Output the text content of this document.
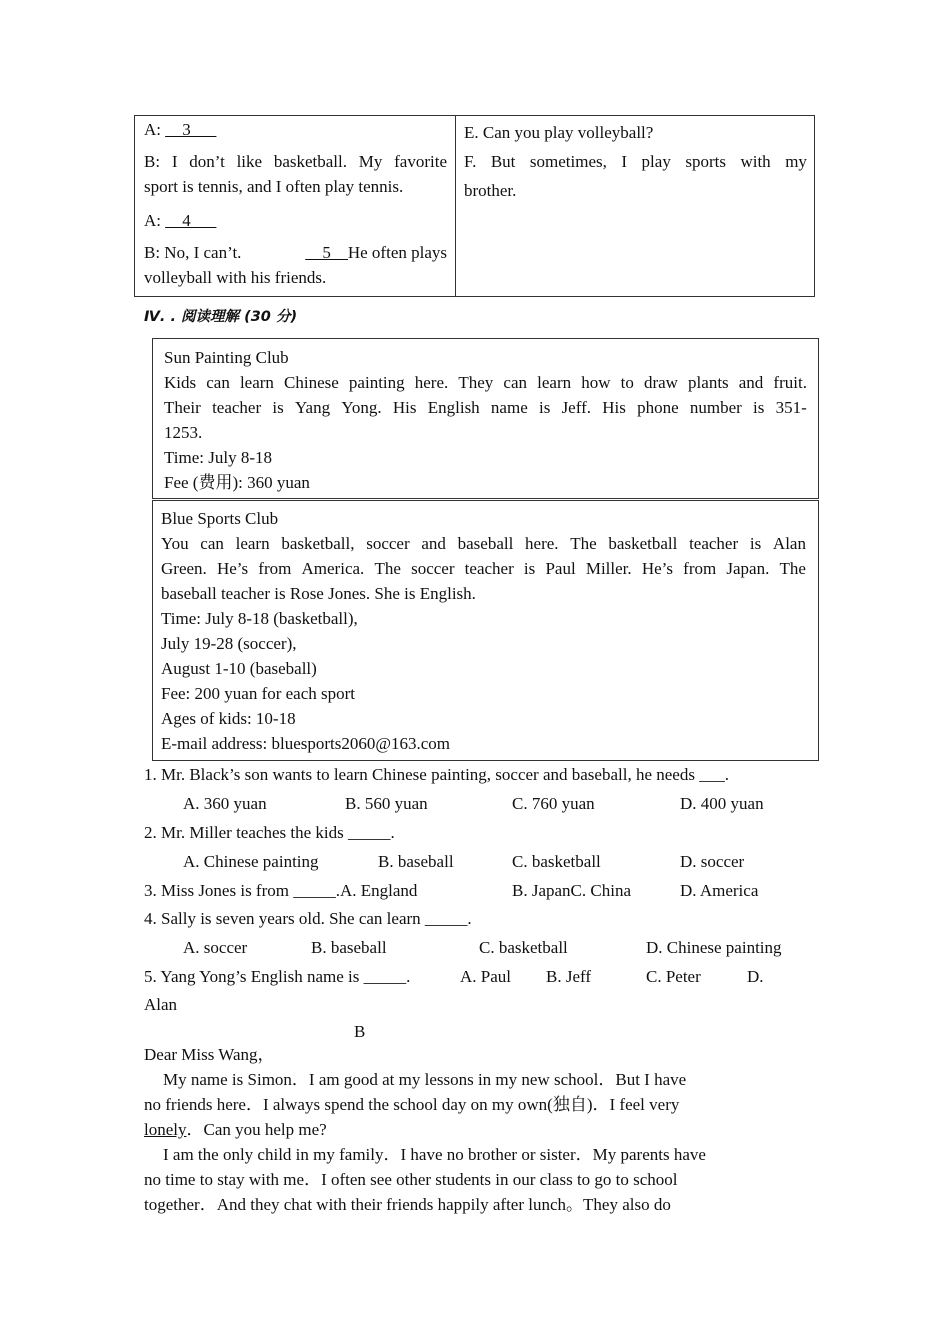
A: __3___
B: I don’t like basketball. My favorite
sport is tennis, and I often play tennis.
A: __4___
B: No, I can’t.	__5__He often plays
volleyball with his friends.
E. Can you play volleyball?
F. But sometimes, I play sports with my
brother.
Ⅳ. . 阅读理解 (30 分)
Sun Painting Club
Kids can learn Chinese painting here. They can learn how to draw plants and fruit.
Their teacher is Yang Yong. His English name is Jeff. His phone number is 351-
1253.
Time: July 8-18
Fee (费用): 360 yuan
Blue Sports Club
You can learn basketball, soccer and baseball here. The basketball teacher is Alan
Green. He’s from America. The soccer teacher is Paul Miller. He’s from Japan. The
baseball teacher is Rose Jones. She is English.
Time: July 8-18 (basketball),
July 19-28 (soccer),
August 1-10 (baseball)
Fee: 200 yuan for each sport
Ages of kids: 10-18
E-mail address: bluesports2060@163.com
1. Mr. Black’s son wants to learn Chinese painting, soccer and baseball, he needs ___.
A. 360 yuan	B. 560 yuan	C. 760 yuan	D. 400 yuan
2. Mr. Miller teaches the kids _____.
A. Chinese painting	B. baseball	C. basketball	D. soccer
3. Miss Jones is from _____.A. England	B. JapanC. China	D. America
4. Sally is seven years old. She can learn _____.
A. soccer	B. baseball	C. basketball	D. Chinese painting
5. Yang Yong’s English name is _____.	A. Paul B. Jeff	C. Peter	D.
Alan
B
Dear Miss Wang，
My name is Simon．I am good at my lessons in my new school．But I have
no friends here．I always spend the school day on my own(独自)．I feel very
lonely．Can you help me?
I am the only child in my family．I have no brother or sister．My parents have
no time to stay with me．I often see other students in our class to go to school
together．And they chat with their friends happily after lunch。They also do
